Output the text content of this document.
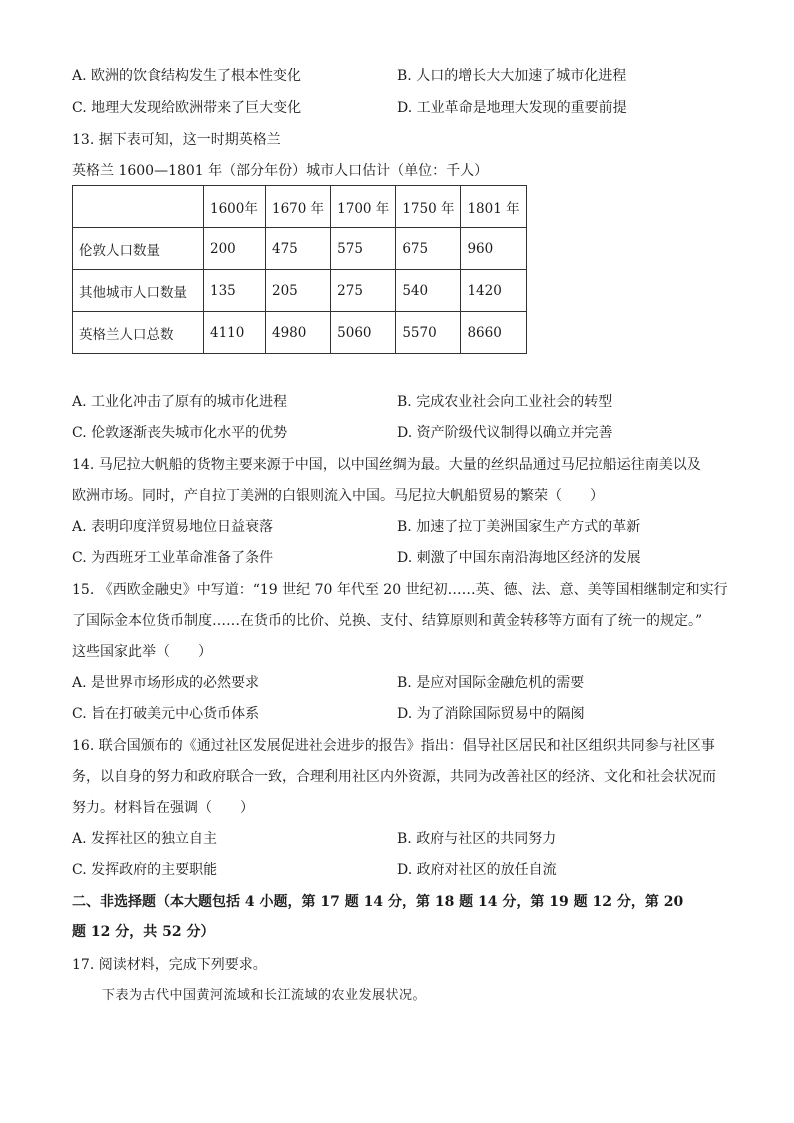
A. 欧洲的饮食结构发生了根本性变化	B. 人口的增长大大加速了城市化进程
C. 地理大发现给欧洲带来了巨大变化	D. 工业革命是地理大发现的重要前提
13. 据下表可知，这一时期英格兰
英格兰 1600—1801 年（部分年份）城市人口估计（单位：千人）
	1600年	1670 年	1700 年	1750 年	1801 年
伦敦人口数量	200	475	575	675	960
其他城市人口数量	135	205	275	540	1420
英格兰人口总数	4110	4980	5060	5570	8660
A. 工业化冲击了原有的城市化进程	B. 完成农业社会向工业社会的转型
C. 伦敦逐渐丧失城市化水平的优势	D. 资产阶级代议制得以确立并完善
14. 马尼拉大帆船的货物主要来源于中国，以中国丝绸为最。大量的丝织品通过马尼拉船运往南美以及
欧洲市场。同时，产自拉丁美洲的白银则流入中国。马尼拉大帆船贸易的繁荣（　　）
A. 表明印度洋贸易地位日益衰落	B. 加速了拉丁美洲国家生产方式的革新
C. 为西班牙工业革命准备了条件	D. 刺激了中国东南沿海地区经济的发展
15. 《西欧金融史》中写道：“19 世纪 70 年代至 20 世纪初……英、德、法、意、美等国相继制定和实行
了国际金本位货币制度……在货币的比价、兑换、支付、结算原则和黄金转移等方面有了统一的规定。”
这些国家此举（　　）
A. 是世界市场形成的必然要求	B. 是应对国际金融危机的需要
C. 旨在打破美元中心货币体系	D. 为了消除国际贸易中的隔阂
16. 联合国颁布的《通过社区发展促进社会进步的报告》指出：倡导社区居民和社区组织共同参与社区事
务，以自身的努力和政府联合一致，合理利用社区内外资源，共同为改善社区的经济、文化和社会状况而
努力。材料旨在强调（　　）
A. 发挥社区的独立自主	B. 政府与社区的共同努力
C. 发挥政府的主要职能	D. 政府对社区的放任自流
二、非选择题（本大题包括 4 小题，第 17 题 14 分，第 18 题 14 分，第 19 题 12 分，第 20
题 12 分，共 52 分）
17. 阅读材料，完成下列要求。
下表为古代中国黄河流域和长江流域的农业发展状况。
